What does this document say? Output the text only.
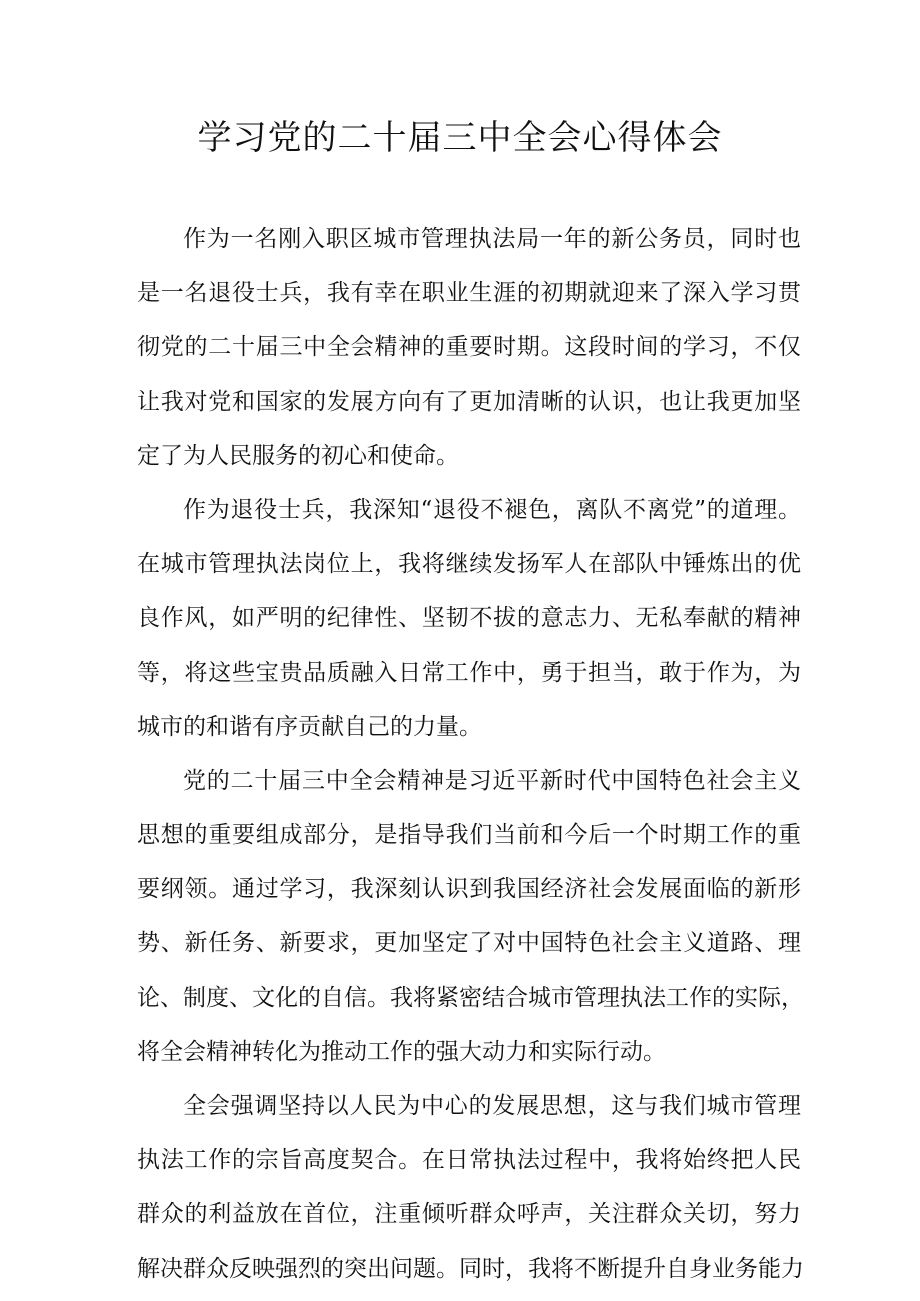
学习党的二十届三中全会心得体会
作为一名刚入职区城市管理执法局一年的新公务员，同时也
是一名退役士兵，我有幸在职业生涯的初期就迎来了深入学习贯
彻党的二十届三中全会精神的重要时期。这段时间的学习，不仅
让我对党和国家的发展方向有了更加清晰的认识，也让我更加坚
定了为人民服务的初心和使命。
作为退役士兵，我深知“退役不褪色，离队不离党”的道理。
在城市管理执法岗位上，我将继续发扬军人在部队中锤炼出的优
良作风，如严明的纪律性、坚韧不拔的意志力、无私奉献的精神
等，将这些宝贵品质融入日常工作中，勇于担当，敢于作为，为
城市的和谐有序贡献自己的力量。
党的二十届三中全会精神是习近平新时代中国特色社会主义
思想的重要组成部分，是指导我们当前和今后一个时期工作的重
要纲领。通过学习，我深刻认识到我国经济社会发展面临的新形
势、新任务、新要求，更加坚定了对中国特色社会主义道路、理
论、制度、文化的自信。我将紧密结合城市管理执法工作的实际，
将全会精神转化为推动工作的强大动力和实际行动。
全会强调坚持以人民为中心的发展思想，这与我们城市管理
执法工作的宗旨高度契合。在日常执法过程中，我将始终把人民
群众的利益放在首位，注重倾听群众呼声，关注群众关切，努力
解决群众反映强烈的突出问题。同时，我将不断提升自身业务能力
